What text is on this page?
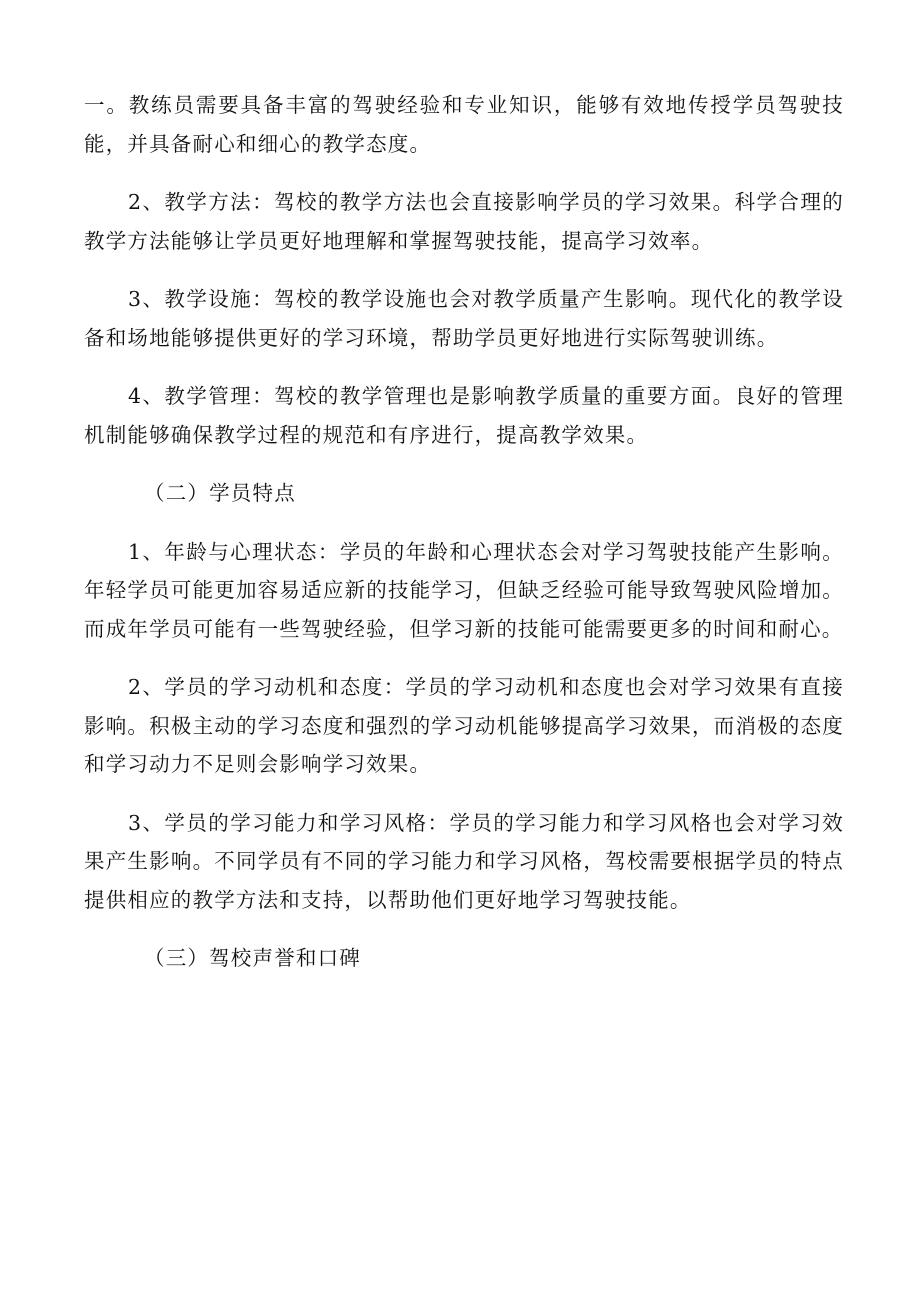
一。教练员需要具备丰富的驾驶经验和专业知识，能够有效地传授学员驾驶技能，并具备耐心和细心的教学态度。

2、教学方法：驾校的教学方法也会直接影响学员的学习效果。科学合理的教学方法能够让学员更好地理解和掌握驾驶技能，提高学习效率。

3、教学设施：驾校的教学设施也会对教学质量产生影响。现代化的教学设备和场地能够提供更好的学习环境，帮助学员更好地进行实际驾驶训练。

4、教学管理：驾校的教学管理也是影响教学质量的重要方面。良好的管理机制能够确保教学过程的规范和有序进行，提高教学效果。

（二）学员特点

1、年龄与心理状态：学员的年龄和心理状态会对学习驾驶技能产生影响。年轻学员可能更加容易适应新的技能学习，但缺乏经验可能导致驾驶风险增加。而成年学员可能有一些驾驶经验，但学习新的技能可能需要更多的时间和耐心。

2、学员的学习动机和态度：学员的学习动机和态度也会对学习效果有直接影响。积极主动的学习态度和强烈的学习动机能够提高学习效果，而消极的态度和学习动力不足则会影响学习效果。

3、学员的学习能力和学习风格：学员的学习能力和学习风格也会对学习效果产生影响。不同学员有不同的学习能力和学习风格，驾校需要根据学员的特点提供相应的教学方法和支持，以帮助他们更好地学习驾驶技能。

（三）驾校声誉和口碑
